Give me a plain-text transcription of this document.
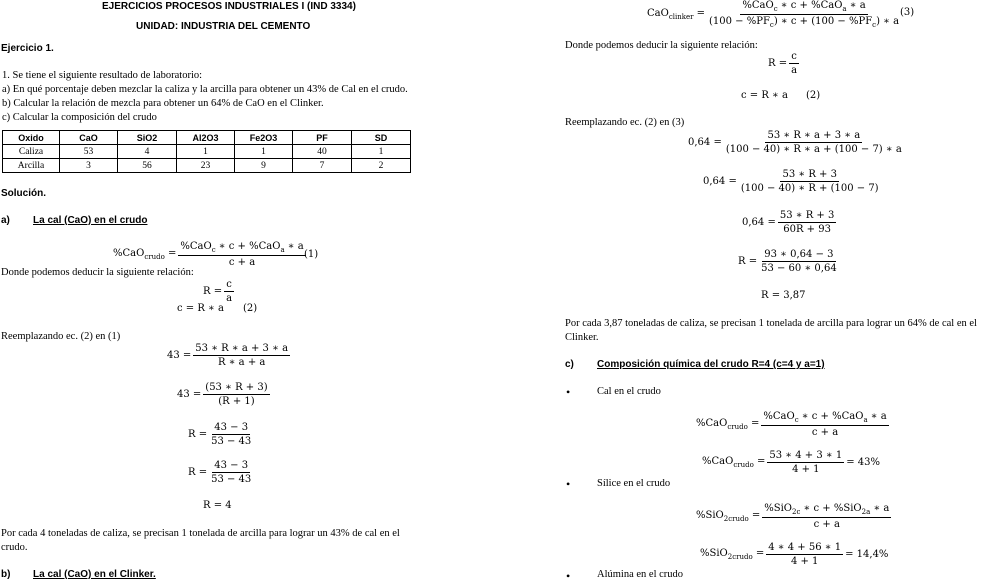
EJERCICIOS PROCESOS INDUSTRIALES I (IND 3334)
UNIDAD: INDUSTRIA DEL CEMENTO
Ejercicio 1.
1. Se tiene el siguiente resultado de laboratorio:
a) En qué porcentaje deben mezclar la caliza y la arcilla para obtener un 43% de Cal en el crudo.
b) Calcular la relación de mezcla para obtener un 64% de CaO en el Clinker.
c) Calcular la composición del crudo
Oxido	CaO	SiO2	Al2O3	Fe2O3	PF	SD
Caliza	53	4	1	1	40	1
Arcilla	3	56	23	9	7	2
Solución.
a) La cal (CaO) en el crudo
$\%CaO_{crudo} = \frac{\%CaO_c ∗ c + \%CaO_a ∗ a}{c + a}$
(1)
Donde podemos deducir la siguiente relación:
$R = \frac{c}{a}$
c = R ∗ a (2)
Reemplazando ec. (2) en (1)
$43 = \frac{53 ∗ R ∗ a + 3 ∗ a}{R ∗ a + a}$
$43 = \frac{(53 ∗ R + 3)}{(R + 1)}$
$R = \frac{43 - 3}{53 - 43}$
$R = \frac{43 - 3}{53 - 43}$
R = 4
Por cada 4 toneladas de caliza, se precisan 1 tonelada de arcilla para lograr un 43% de cal en el
crudo.
b) La cal (CaO) en el Clinker.
$CaO_{clinker} = \frac{\%CaO_c ∗ c + \%CaO_a ∗ a}{(100 - \%PF_c) ∗ c + (100 - \%PF_c) ∗ a}$
(3)
Donde podemos deducir la siguiente relación:
$R = \frac{c}{a}$
c = R ∗ a (2)
Reemplazando ec. (2) en (3)
$0,64 = \frac{53 ∗ R ∗ a + 3 ∗ a}{(100 - 40) ∗ R ∗ a + (100 - 7) ∗ a}$
$0,64 = \frac{53 ∗ R + 3}{(100 - 40) ∗ R + (100 - 7)}$
$0,64 = \frac{53 ∗ R + 3}{60R + 93}$
$R = \frac{93 ∗ 0,64 - 3}{53 - 60 ∗ 0,64}$
R = 3,87
Por cada 3,87 toneladas de caliza, se precisan 1 tonelada de arcilla para lograr un 64% de cal en el
Clinker.
c) Composición química del crudo R=4 (c=4 y a=1)
•	Cal en el crudo
$\%CaO_{crudo} = \frac{\%CaO_c ∗ c + \%CaO_a ∗ a}{c + a}$
$\%CaO_{crudo} = \frac{53 ∗ 4 + 3 ∗ 1}{4 + 1} = 43\%$
•	Sílice en el crudo
$\%SiO_{2crudo} = \frac{\%SiO_{2c} ∗ c + \%SiO_{2a} ∗ a}{c + a}$
$\%SiO_{2crudo} = \frac{4 ∗ 4 + 56 ∗ 1}{4 + 1} = 14,4\%$
•	Alúmina en el crudo
